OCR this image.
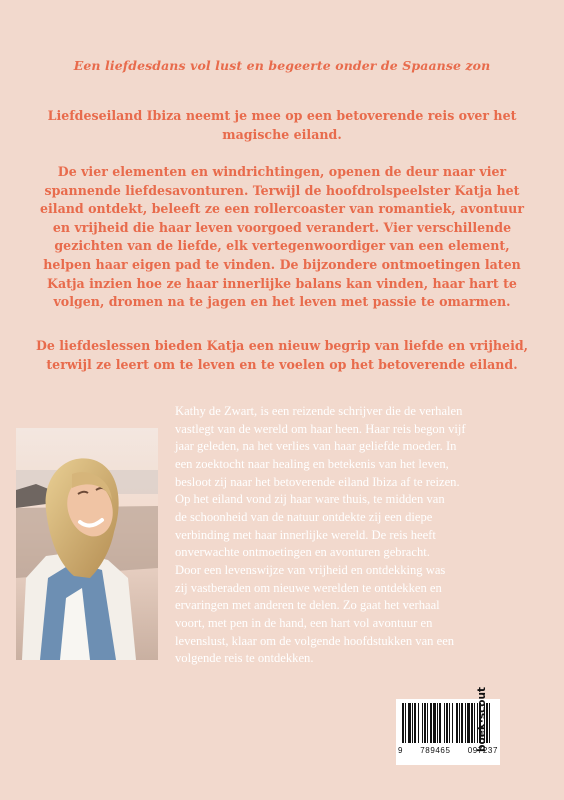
Een liefdesdans vol lust en begeerte onder de Spaanse zon

Liefdeseiland Ibiza neemt je mee op een betoverende reis over het magische eiland.

De vier elementen en windrichtingen, openen de deur naar vier spannende liefdesavonturen. Terwijl de hoofdrolspeelster Katja het eiland ontdekt, beleeft ze een rollercoaster van romantiek, avontuur en vrijheid die haar leven voorgoed verandert. Vier verschillende gezichten van de liefde, elk vertegenwoordiger van een element, helpen haar eigen pad te vinden. De bijzondere ontmoetingen laten Katja inzien hoe ze haar innerlijke balans kan vinden, haar hart te volgen, dromen na te jagen en het leven met passie te omarmen.

De liefdeslessen bieden Katja een nieuw begrip van liefde en vrijheid, terwijl ze leert om te leven en te voelen op het betoverende eiland.

Kathy de Zwart, is een reizende schrijver die de verhalen
vastlegt van de wereld om haar heen. Haar reis begon vijf
jaar geleden, na het verlies van haar geliefde moeder. In
een zoektocht naar healing en betekenis van het leven,
besloot zij naar het betoverende eiland Ibiza af te reizen.
Op het eiland vond zij haar ware thuis, te midden van
de schoonheid van de natuur ontdekte zij een diepe
verbinding met haar innerlijke wereld. De reis heeft
onverwachte ontmoetingen en avonturen gebracht.
Door een levenswijze van vrijheid en ontdekking was
zij vastberaden om nieuwe werelden te ontdekken en
ervaringen met anderen te delen. Zo gaat het verhaal
voort, met pen in de hand, een hart vol avontuur en
levenslust, klaar om de volgende hoofdstukken van een
volgende reis te ontdekken.

9 789465 097237
boek·scout
